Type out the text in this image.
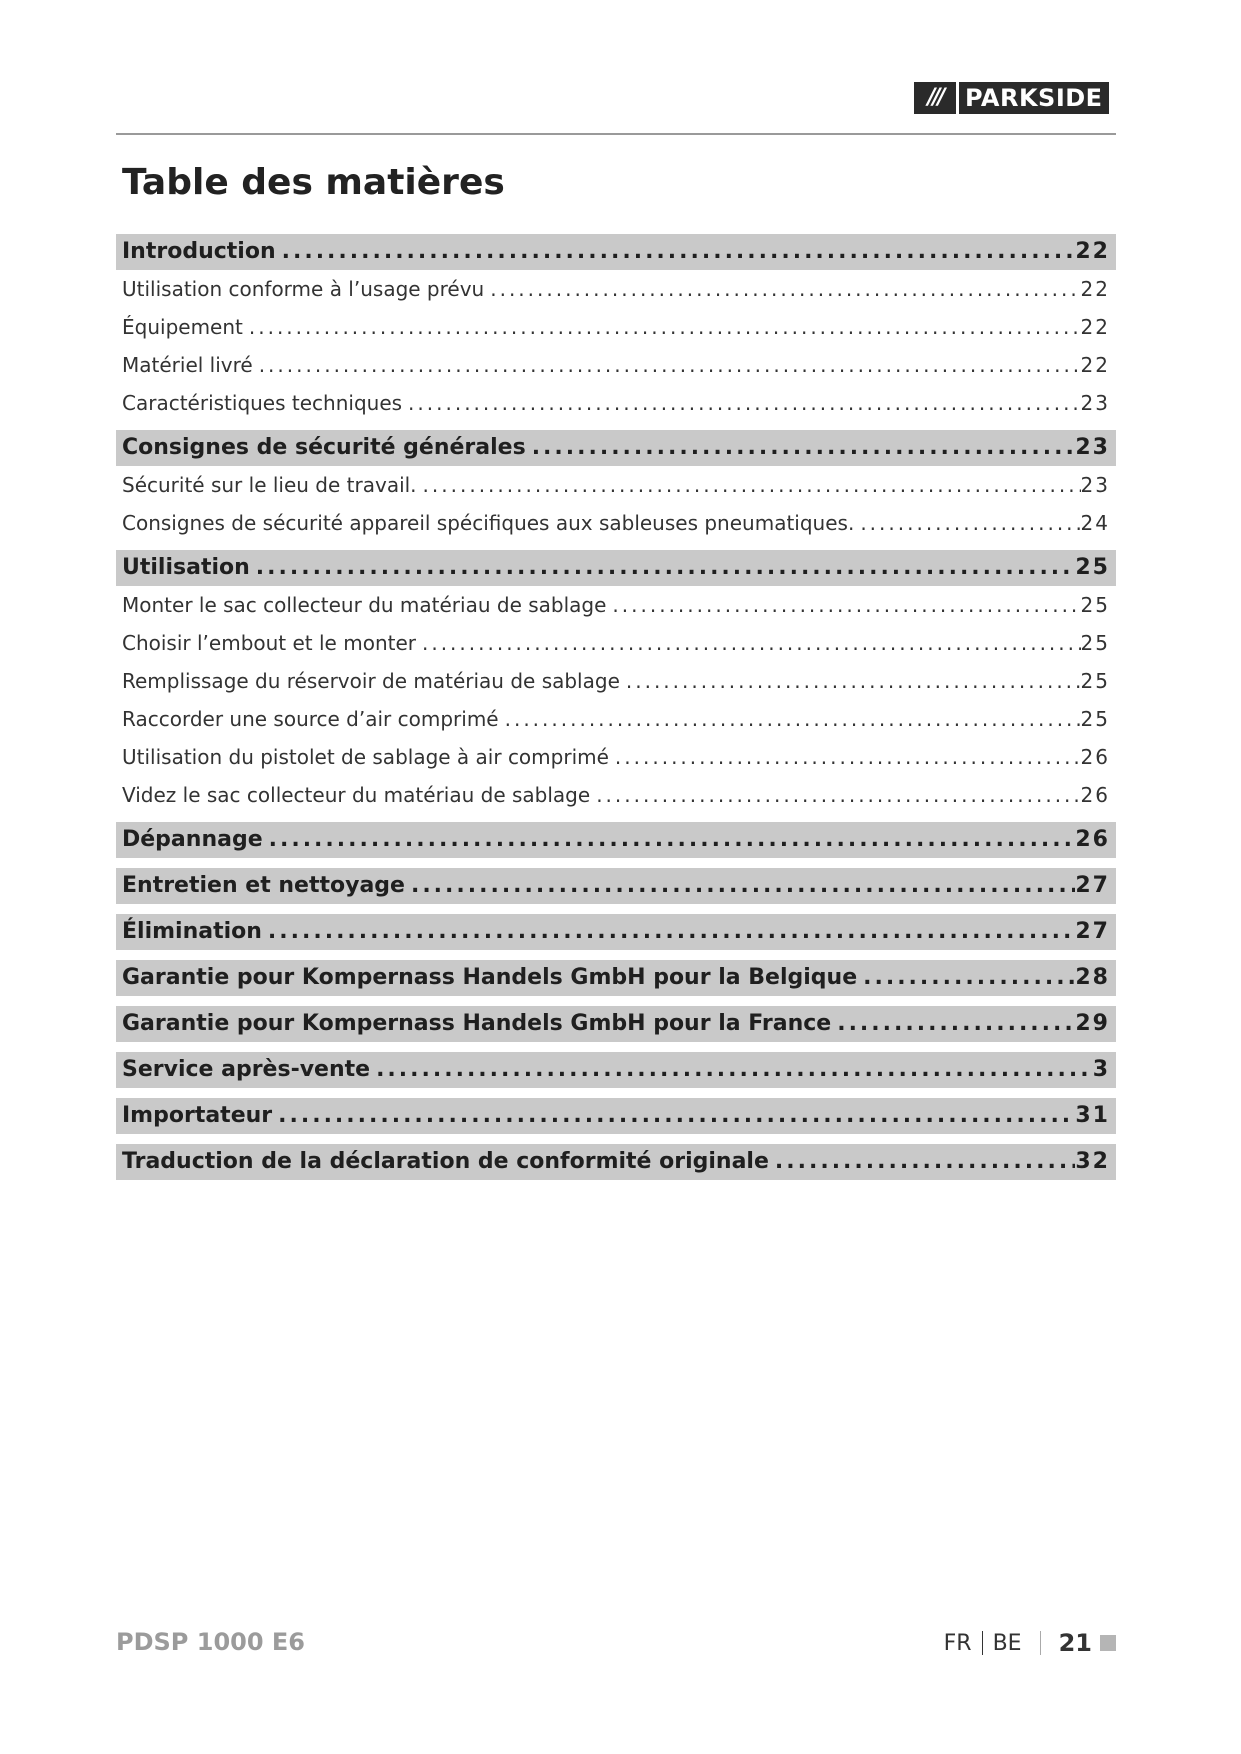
/// PARKSIDE
Table des matières
Introduction .....	22
Utilisation conforme à l’usage prévu .....	22
Équipement .....	22
Matériel livré .....	22
Caractéristiques techniques .....	23
Consignes de sécurité générales .....	23
Sécurité sur le lieu de travail. .....	23
Consignes de sécurité appareil spécifiques aux sableuses pneumatiques. .....	24
Utilisation .....	25
Monter le sac collecteur du matériau de sablage .....	25
Choisir l’embout et le monter .....	25
Remplissage du réservoir de matériau de sablage .....	25
Raccorder une source d’air comprimé .....	25
Utilisation du pistolet de sablage à air comprimé .....	26
Videz le sac collecteur du matériau de sablage .....	26
Dépannage .....	26
Entretien et nettoyage .....	27
Élimination .....	27
Garantie pour Kompernass Handels GmbH pour la Belgique .....	28
Garantie pour Kompernass Handels GmbH pour la France .....	29
Service après-vente .....	3
Importateur .....	31
Traduction de la déclaration de conformité originale .....	32
PDSP 1000 E6	FR BE 21
